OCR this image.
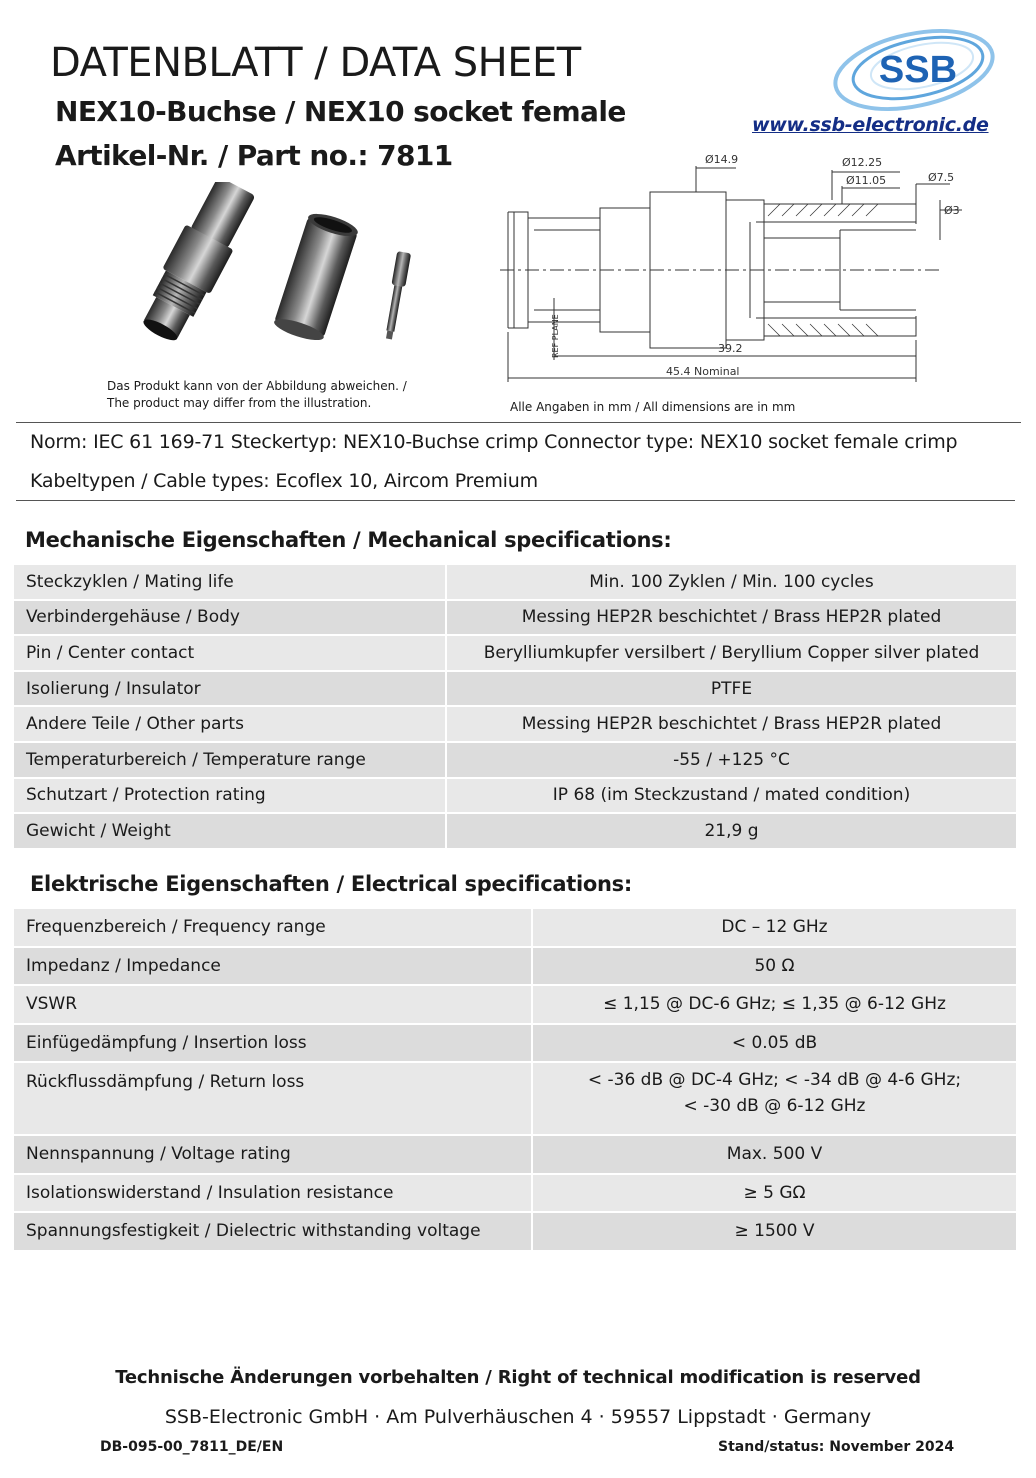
DATENBLATT / DATA SHEET
NEX10-Buchse / NEX10 socket female
Artikel-Nr. / Part no.: 7811
SSB
www.ssb-electronic.de
Das Produkt kann von der Abbildung abweichen. /
The product may differ from the illustration.
Ø14.9	Ø12.25
Ø11.05	Ø7.5
Ø3
39.2
45.4 Nominal
REF PLANE
Alle Angaben in mm / All dimensions are in mm
Norm: IEC 61 169-71 Steckertyp: NEX10-Buchse crimp Connector type: NEX10 socket female crimp
Kabeltypen / Cable types: Ecoflex 10, Aircom Premium
Mechanische Eigenschaften / Mechanical specifications:
Steckzyklen / Mating life	Min. 100 Zyklen / Min. 100 cycles
Verbindergehäuse / Body	Messing HEP2R beschichtet / Brass HEP2R plated
Pin / Center contact	Berylliumkupfer versilbert / Beryllium Copper silver plated
Isolierung / Insulator	PTFE
Andere Teile / Other parts	Messing HEP2R beschichtet / Brass HEP2R plated
Temperaturbereich / Temperature range	-55 / +125 °C
Schutzart / Protection rating	IP 68 (im Steckzustand / mated condition)
Gewicht / Weight	21,9 g
Elektrische Eigenschaften / Electrical specifications:
Frequenzbereich / Frequency range	DC – 12 GHz
Impedanz / Impedance	50 Ω
VSWR	≤ 1,15 @ DC-6 GHz; ≤ 1,35 @ 6-12 GHz
Einfügedämpfung / Insertion loss	< 0.05 dB
Rückflussdämpfung / Return loss	< -36 dB @ DC-4 GHz; < -34 dB @ 4-6 GHz;
< -30 dB @ 6-12 GHz

Nennspannung / Voltage rating	Max. 500 V
Isolationswiderstand / Insulation resistance	≥ 5 GΩ
Spannungsfestigkeit / Dielectric withstanding voltage	≥ 1500 V
Technische Änderungen vorbehalten / Right of technical modification is reserved
SSB-Electronic GmbH · Am Pulverhäuschen 4 · 59557 Lippstadt · Germany
DB-095-00_7811_DE/EN	Stand/status: November 2024
